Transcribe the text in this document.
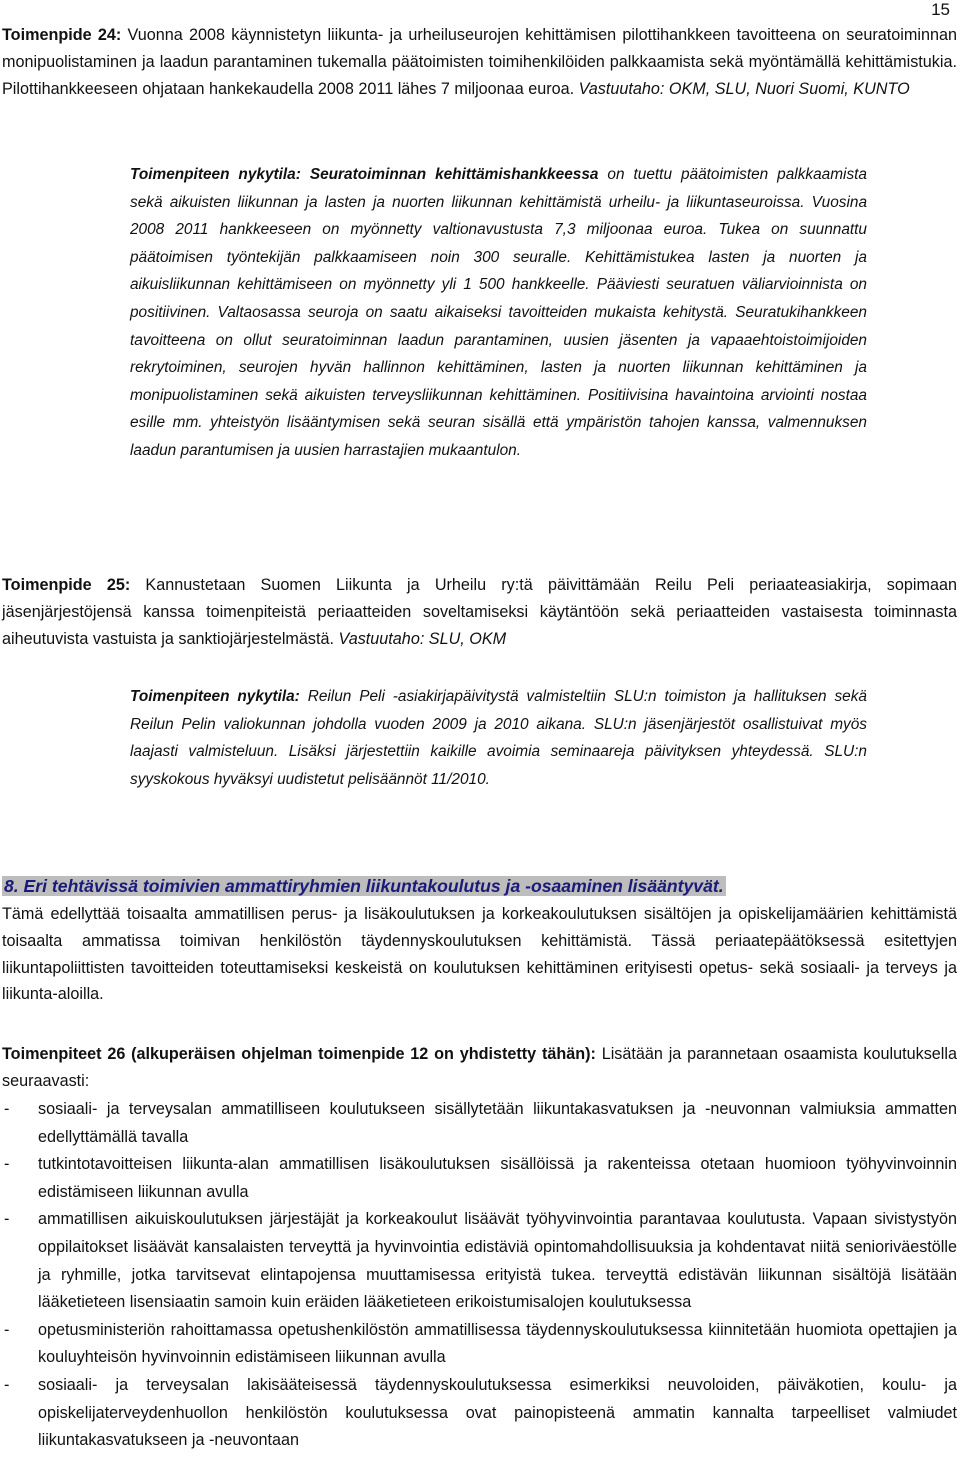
15
Toimenpide 24: Vuonna 2008 käynnistetyn liikunta- ja urheiluseurojen kehittämisen pilottihankkeen tavoitteena on seuratoiminnan monipuolistaminen ja laadun parantaminen tukemalla päätoimisten toimihenkilöiden palkkaamista sekä myöntämällä kehittämistukia. Pilottihankkeeseen ohjataan hankekaudella 2008 2011 lähes 7 miljoonaa euroa. Vastuutaho: OKM, SLU, Nuori Suomi, KUNTO
Toimenpiteen nykytila: Seuratoiminnan kehittämishankkeessa on tuettu päätoimisten palkkaamista sekä aikuisten liikunnan ja lasten ja nuorten liikunnan kehittämistä urheilu- ja liikuntaseuroissa. Vuosina 2008 2011 hankkeeseen on myönnetty valtionavustusta 7,3 miljoonaa euroa. Tukea on suunnattu päätoimisen työntekijän palkkaamiseen noin 300 seuralle. Kehittämistukea lasten ja nuorten ja aikuisliikunnan kehittämiseen on myönnetty yli 1 500 hankkeelle. Pääviesti seuratuen väliarvioinnista on positiivinen. Valtaosassa seuroja on saatu aikaiseksi tavoitteiden mukaista kehitystä. Seuratukihankkeen tavoitteena on ollut seuratoiminnan laadun parantaminen, uusien jäsenten ja vapaaehtoistoimijoiden rekrytoiminen, seurojen hyvän hallinnon kehittäminen, lasten ja nuorten liikunnan kehittäminen ja monipuolistaminen sekä aikuisten terveysliikunnan kehittäminen. Positiivisina havaintoina arviointi nostaa esille mm. yhteistyön lisääntymisen sekä seuran sisällä että ympäristön tahojen kanssa, valmennuksen laadun parantumisen ja uusien harrastajien mukaantulon.
Toimenpide 25: Kannustetaan Suomen Liikunta ja Urheilu ry:tä päivittämään Reilu Peli periaateasiakirja, sopimaan jäsenjärjestöjensä kanssa toimenpiteistä periaatteiden soveltamiseksi käytäntöön sekä periaatteiden vastaisesta toiminnasta aiheutuvista vastuista ja sanktiojärjestelmästä. Vastuutaho: SLU, OKM
Toimenpiteen nykytila: Reilun Peli -asiakirjapäivitystä valmisteltiin SLU:n toimiston ja hallituksen sekä Reilun Pelin valiokunnan johdolla vuoden 2009 ja 2010 aikana. SLU:n jäsenjärjestöt osallistuivat myös laajasti valmisteluun. Lisäksi järjestettiin kaikille avoimia seminaareja päivityksen yhteydessä. SLU:n syyskokous hyväksyi uudistetut pelisäännöt 11/2010.
8. Eri tehtävissä toimivien ammattiryhmien liikuntakoulutus ja -osaaminen lisääntyvät.
Tämä edellyttää toisaalta ammatillisen perus- ja lisäkoulutuksen ja korkeakoulutuksen sisältöjen ja opiskelijamäärien kehittämistä toisaalta ammatissa toimivan henkilöstön täydennyskoulutuksen kehittämistä. Tässä periaatepäätöksessä esitettyjen liikuntapoliittisten tavoitteiden toteuttamiseksi keskeistä on koulutuksen kehittäminen erityisesti opetus- sekä sosiaali- ja terveys ja liikunta-aloilla.
Toimenpiteet 26 (alkuperäisen ohjelman toimenpide 12 on yhdistetty tähän): Lisätään ja parannetaan osaamista koulutuksella seuraavasti:
- sosiaali- ja terveysalan ammatilliseen koulutukseen sisällytetään liikuntakasvatuksen ja -neuvonnan valmiuksia ammatten edellyttämällä tavalla
- tutkintotavoitteisen liikunta-alan ammatillisen lisäkoulutuksen sisällöissä ja rakenteissa otetaan huomioon työhyvinvoinnin edistämiseen liikunnan avulla
- ammatillisen aikuiskoulutuksen järjestäjät ja korkeakoulut lisäävät työhyvinvointia parantavaa koulutusta. Vapaan sivistystyön oppilaitokset lisäävät kansalaisten terveyttä ja hyvinvointia edistäviä opintomahdollisuuksia ja kohdentavat niitä senioriväestölle ja ryhmille, jotka tarvitsevat elintapojensa muuttamisessa erityistä tukea. terveyttä edistävän liikunnan sisältöjä lisätään lääketieteen lisensiaatin samoin kuin eräiden lääketieteen erikoistumisalojen koulutuksessa
- opetusministeriön rahoittamassa opetushenkilöstön ammatillisessa täydennyskoulutuksessa kiinnitetään huomiota opettajien ja kouluyhteisön hyvinvoinnin edistämiseen liikunnan avulla
- sosiaali- ja terveysalan lakisääteisessä täydennyskoulutuksessa esimerkiksi neuvoloiden, päiväkotien, koulu- ja opiskelijaterveydenhuollon henkilöstön koulutuksessa ovat painopisteenä ammatin kannalta tarpeelliset valmiudet liikuntakasvatukseen ja -neuvontaan
